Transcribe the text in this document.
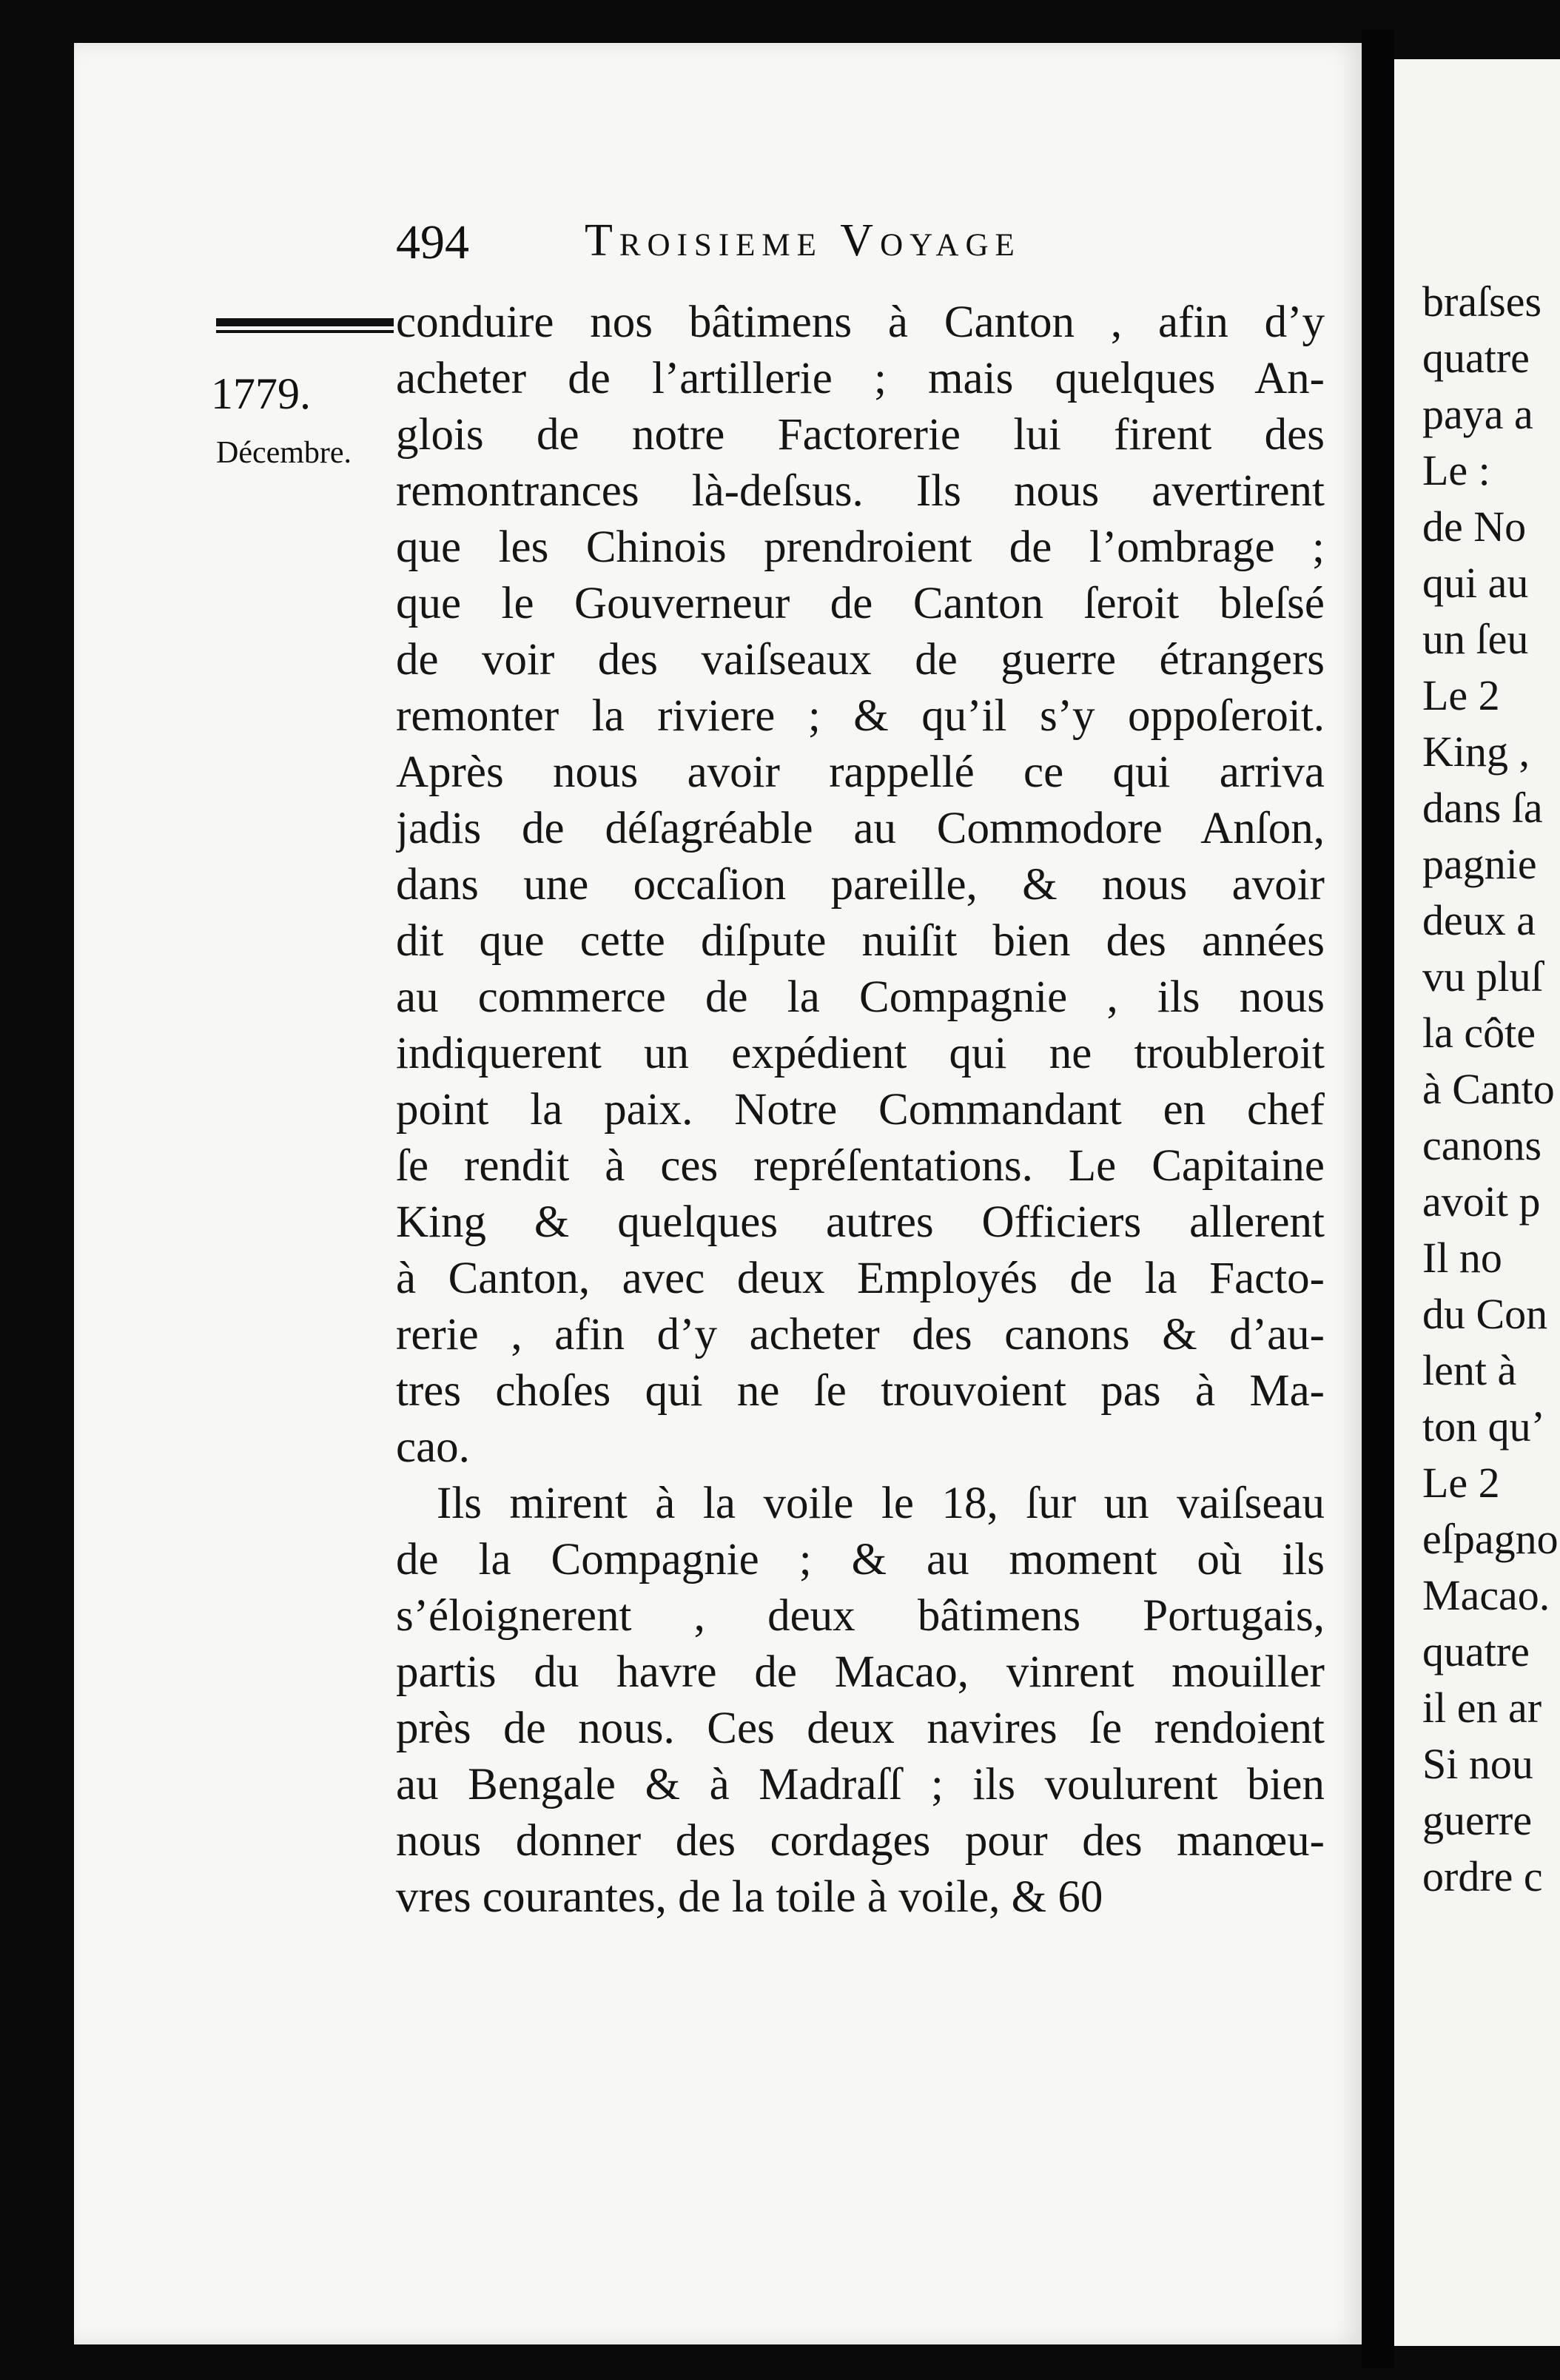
494	Troisieme Voyage
1779.
Décembre.
conduire nos bâtimens à Canton , afin d’y
acheter de l’artillerie ; mais quelques An-
glois de notre Factorerie lui firent des
remontrances là-deſsus. Ils nous avertirent
que les Chinois prendroient de l’ombrage ;
que le Gouverneur de Canton ſeroit bleſsé
de voir des vaiſseaux de guerre étrangers
remonter la riviere ; & qu’il s’y oppoſeroit.
Après nous avoir rappellé ce qui arriva
jadis de déſagréable au Commodore Anſon,
dans une occaſion pareille, & nous avoir
dit que cette diſpute nuiſit bien des années
au commerce de la Compagnie , ils nous
indiquerent un expédient qui ne troubleroit
point la paix. Notre Commandant en chef
ſe rendit à ces repréſentations. Le Capitaine
King & quelques autres Officiers allerent
à Canton, avec deux Employés de la Facto-
rerie , afin d’y acheter des canons & d’au-
tres choſes qui ne ſe trouvoient pas à Ma-
cao.
Ils mirent à la voile le 18, ſur un vaiſseau
de la Compagnie ; & au moment où ils
s’éloignerent , deux bâtimens Portugais,
partis du havre de Macao, vinrent mouiller
près de nous. Ces deux navires ſe rendoient
au Bengale & à Madraſſ ; ils voulurent bien
nous donner des cordages pour des manœu-
vres courantes, de la toile à voile, & 60
braſses
quatre
paya a
Le :
de No
qui au
un ſeu
Le 2
King ,
dans ſa
pagnie
deux a
vu pluſ
la côte
à Canto
canons
avoit p
Il no
du Con
lent à
ton qu’
Le 2
eſpagno
Macao.
quatre
il en ar
Si nou
guerre
ordre c
